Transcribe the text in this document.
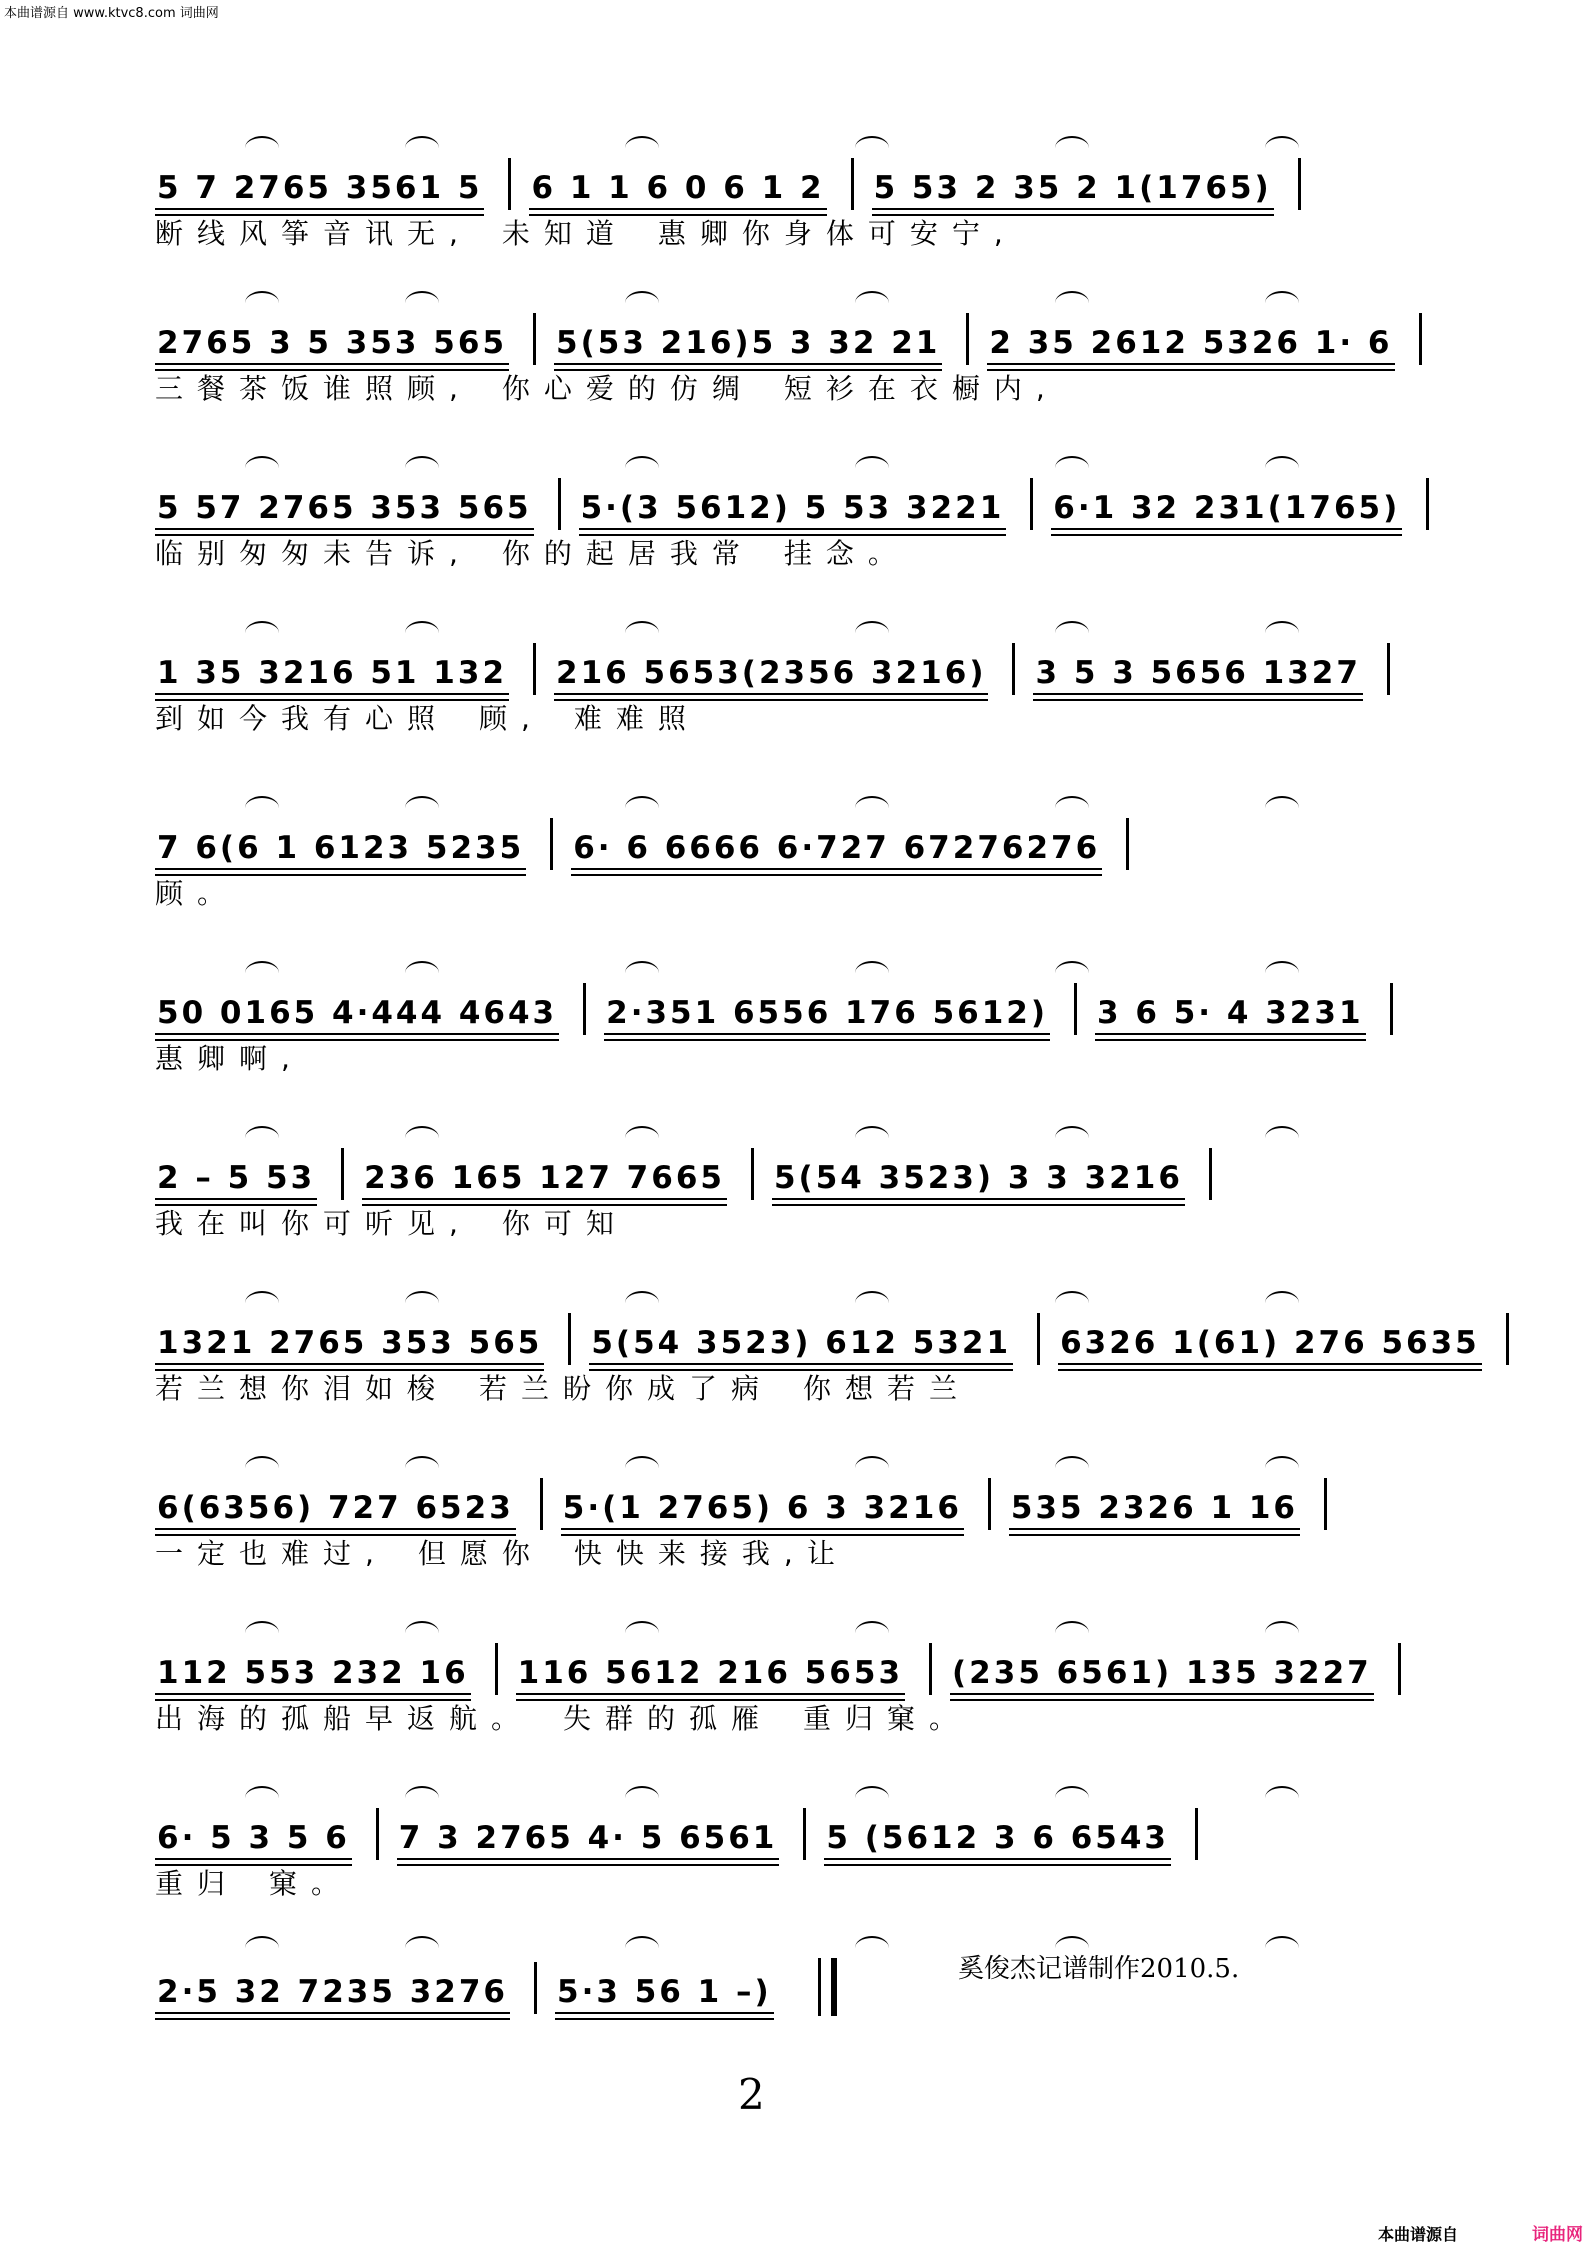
本曲谱源自 www.ktvc8.com 词曲网
5 7 2765 3561 5 6 1 1 6 0 6 1 2 5 53 2 35 2 1(1765)
断线风筝音讯无, 未知道 惠卿你身体可安宁,
2765 3 5 353 565 5(53 216)5 3 32 21 2 35 2612 5326 1· 6
三餐茶饭谁照顾, 你心爱的仿绸 短衫在衣橱内,
5 57 2765 353 565 5·(3 5612) 5 53 3221 6·1 32 231(1765)
临别匆匆未告诉, 你的起居我常 挂念。
1 35 3216 51 132 216 5653(2356 3216) 3 5 3 5656 1327
到如今我有心照 顾, 难难照
7 6(6 1 6123 5235 6· 6 6666 6·727 67276276
顾。
50 0165 4·444 4643 2·351 6556 176 5612) 3 6 5· 4 3231
惠卿啊,
2 – 5 53 236 165 127 7665 5(54 3523) 3 3 3216
我在叫你可听见, 你可知
1321 2765 353 565 5(54 3523) 612 5321 6326 1(61) 276 5635
若兰想你泪如梭 若兰盼你成了病 你想若兰
6(6356) 727 6523 5·(1 2765) 6 3 3216 535 2326 1 16
一定也难过, 但愿你 快快来接我,让
112 553 232 16 116 5612 216 5653 (235 6561) 135 3227
出海的孤船早返航。 失群的孤雁 重归窠。
6· 5 3 5 6 7 3 2765 4· 5 6561 5 (5612 3 6 6543
重归 窠。
2·5 32 7235 3276 5·3 56 1 –)
奚俊杰记谱制作2010.5.
2
本曲谱源自	词曲网
